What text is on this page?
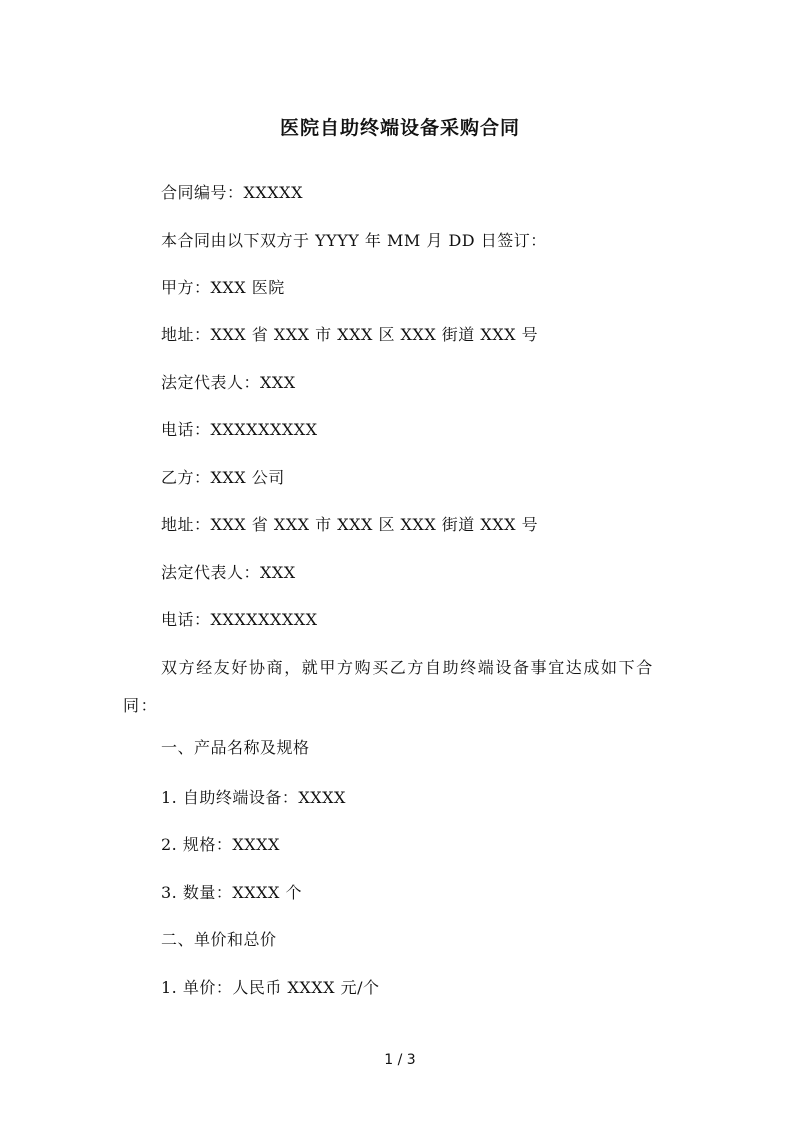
医院自助终端设备采购合同
合同编号：XXXXX
本合同由以下双方于 YYYY 年 MM 月 DD 日签订：
甲方：XXX 医院
地址：XXX 省 XXX 市 XXX 区 XXX 街道 XXX 号
法定代表人：XXX
电话：XXXXXXXXX
乙方：XXX 公司
地址：XXX 省 XXX 市 XXX 区 XXX 街道 XXX 号
法定代表人：XXX
电话：XXXXXXXXX

双方经友好协商，就甲方购买乙方自助终端设备事宜达成如下合同：

一、产品名称及规格
1. 自助终端设备：XXXX
2. 规格：XXXX
3. 数量：XXXX 个
二、单价和总价
1. 单价：人民币 XXXX 元/个
1 / 3
